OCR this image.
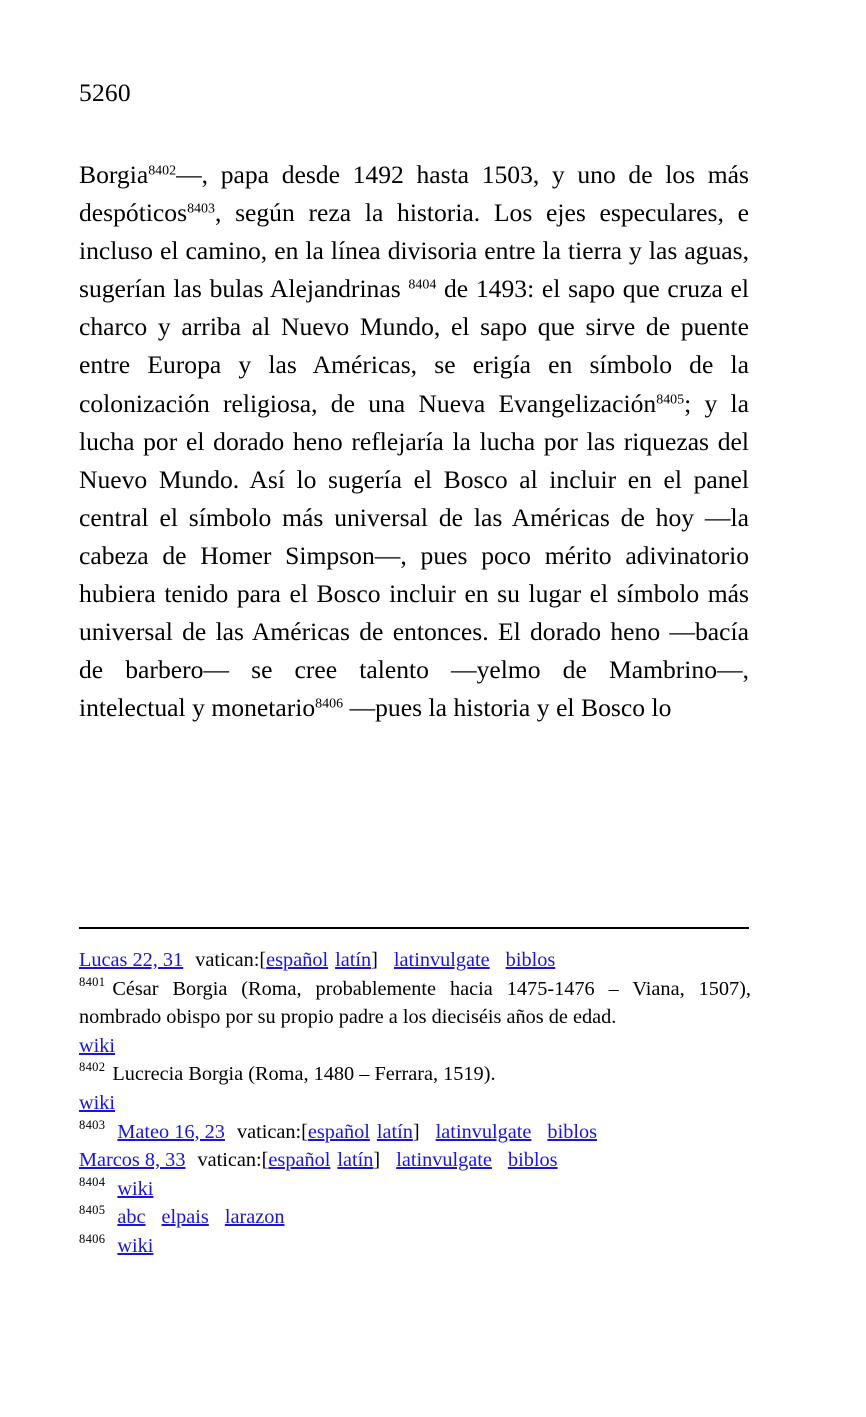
5260

Borgia$^{8402}$—, papa desde 1492 hasta 1503, y uno de los más despóticos$^{8403}$, según reza la historia. Los ejes especulares, e incluso el camino, en la línea divisoria entre la tierra y las aguas, sugerían las bulas Alejandrinas $^{8404}$ de 1493: el sapo que cruza el charco y arriba al Nuevo Mundo, el sapo que sirve de puente entre Europa y las Américas, se erigía en símbolo de la colonización religiosa, de una Nueva Evangelización$^{8405}$; y la lucha por el dorado heno reflejaría la lucha por las riquezas del Nuevo Mundo. Así lo sugería el Bosco al incluir en el panel central el símbolo más universal de las Américas de hoy —la cabeza de Homer Simpson—, pues poco mérito adivinatorio hubiera tenido para el Bosco incluir en su lugar el símbolo más universal de las Américas de entonces. El dorado heno —bacía de barbero— se cree talento —yelmo de Mambrino—, intelectual y monetario$^{8406}$ —pues la historia y el Bosco lo

Lucas 22, 31 vatican:[español latín] latinvulgate biblos

$^{8401}$ César Borgia (Roma, probablemente hacia 1475-1476 – Viana, 1507), nombrado obispo por su propio padre a los dieciséis años de edad.

wiki

$^{8402}$ Lucrecia Borgia (Roma, 1480 – Ferrara, 1519).

wiki

$^{8403}$ Mateo 16, 23 vatican:[español latín] latinvulgate biblos

Marcos 8, 33 vatican:[español latín] latinvulgate biblos

$^{8404}$ wiki

$^{8405}$ abc elpais larazon

$^{8406}$ wiki
